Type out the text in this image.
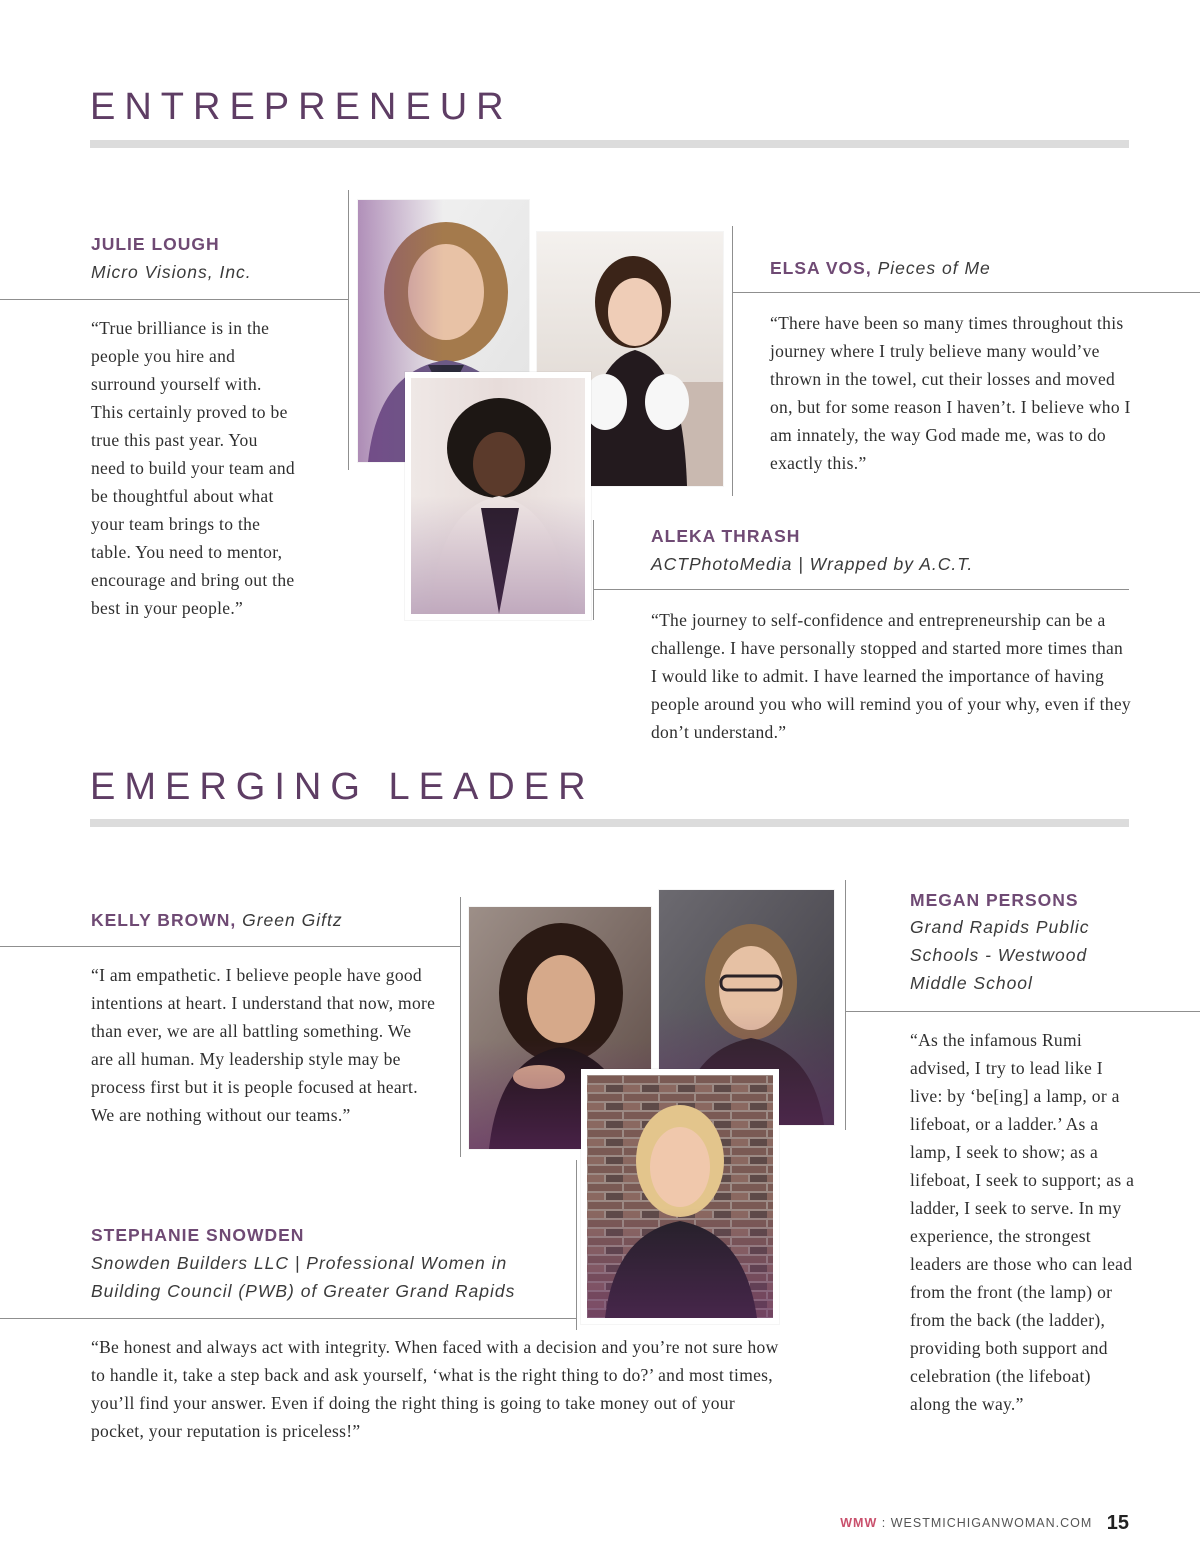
ENTREPRENEUR
JULIE LOUGH
Micro Visions, Inc.

“True brilliance is in the people you hire and surround yourself with. This certainly proved to be true this past year. You need to build your team and be thoughtful about what your team brings to the table. You need to mentor, encourage and bring out the best in your people.”

ELSA VOS, Pieces of Me

“There have been so many times throughout this journey where I truly believe many would’ve thrown in the towel, cut their losses and moved on, but for some reason I haven’t. I believe who I am innately, the way God made me, was to do exactly this.”

ALEKA THRASH
ACTPhotoMedia | Wrapped by A.C.T.

“The journey to self-confidence and entrepreneurship can be a challenge. I have personally stopped and started more times than I would like to admit. I have learned the importance of having people around you who will remind you of your why, even if they don’t understand.”

EMERGING LEADER
KELLY BROWN, Green Giftz

“I am empathetic. I believe people have good intentions at heart. I understand that now, more than ever, we are all battling something. We are all human. My leadership style may be process first but it is people focused at heart. We are nothing without our teams.”

MEGAN PERSONS
Grand Rapids Public Schools - Westwood Middle School

“As the infamous Rumi advised, I try to lead like I live: by ‘be[ing] a lamp, or a lifeboat, or a ladder.’ As a lamp, I seek to show; as a lifeboat, I seek to support; as a ladder, I seek to serve. In my experience, the strongest leaders are those who can lead from the front (the lamp) or from the back (the ladder), providing both support and celebration (the lifeboat) along the way.”

STEPHANIE SNOWDEN
Snowden Builders LLC | Professional Women in Building Council (PWB) of Greater Grand Rapids

“Be honest and always act with integrity. When faced with a decision and you’re not sure how to handle it, take a step back and ask yourself, ‘what is the right thing to do?’ and most times, you’ll find your answer. Even if doing the right thing is going to take money out of your pocket, your reputation is priceless!”

WMW : WESTMICHIGANWOMAN.COM 15
